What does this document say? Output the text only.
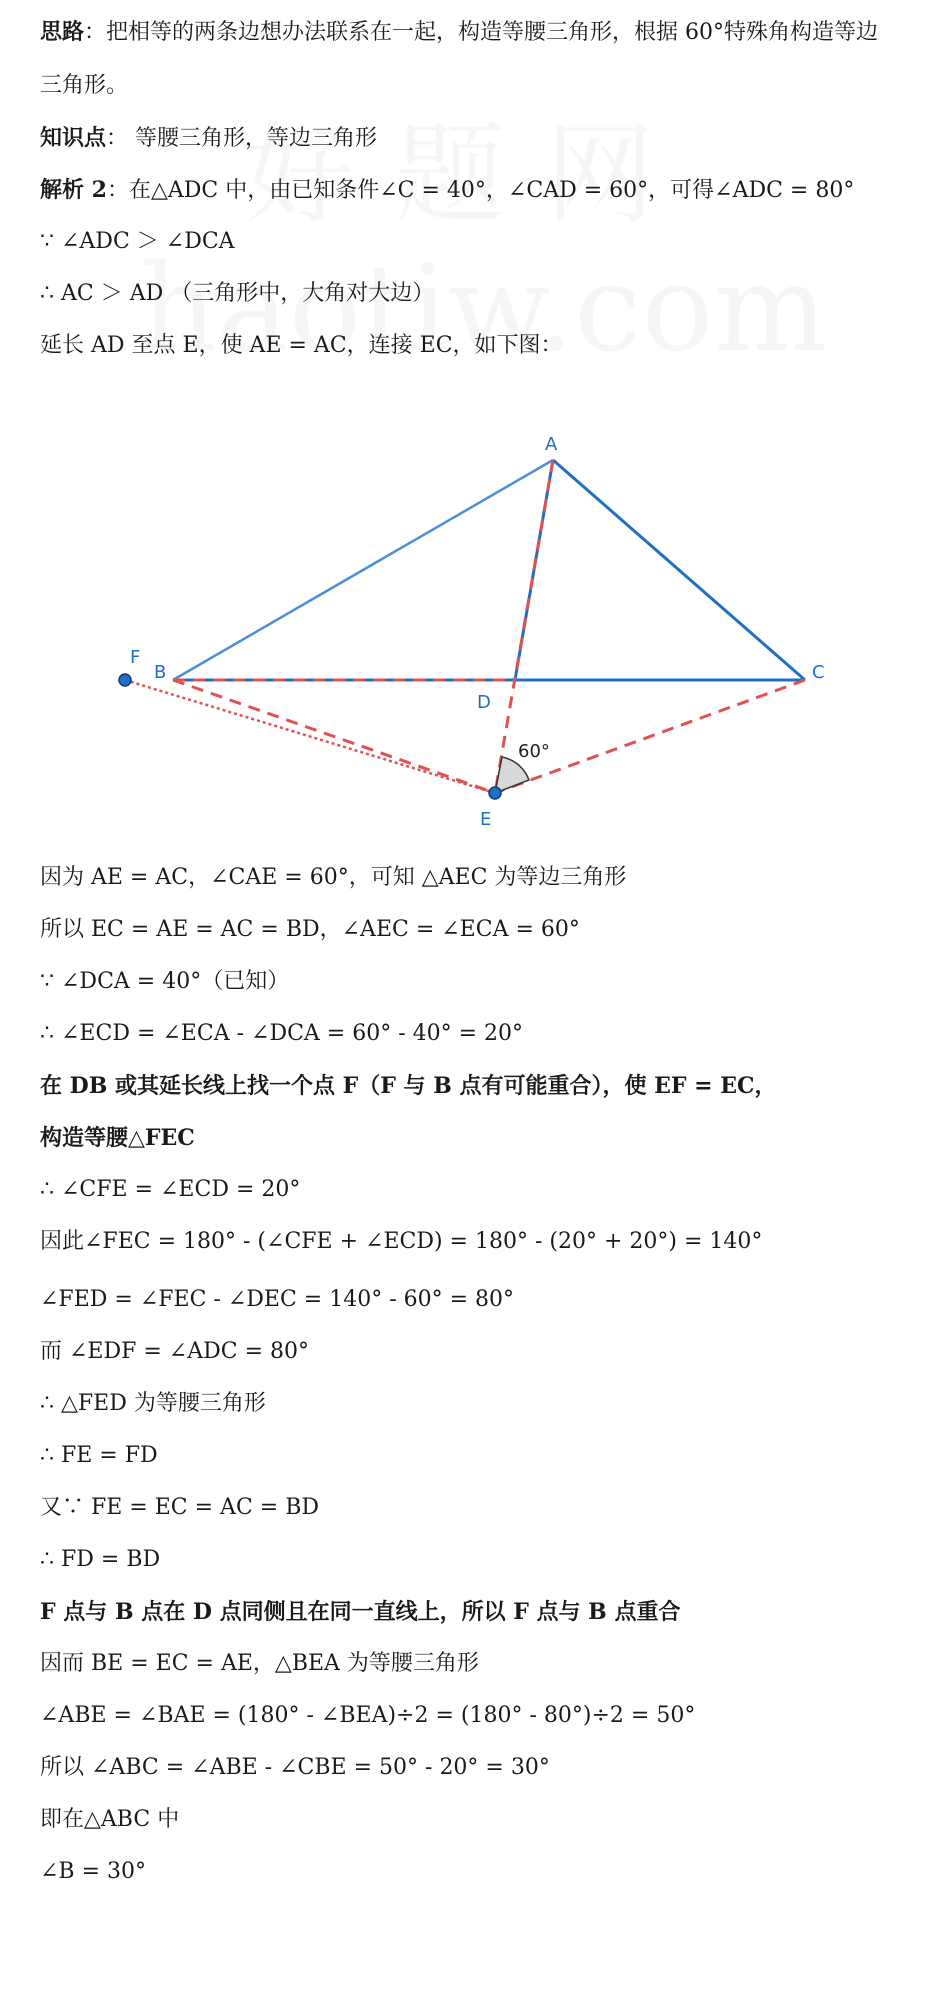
思路：把相等的两条边想办法联系在一起，构造等腰三角形，根据 60°特殊角构造等边
三角形。
知识点： 等腰三角形，等边三角形
解析 2：在△ADC 中，由已知条件∠C = 40°，∠CAD = 60°，可得∠ADC = 80°
∵ ∠ADC ＞ ∠DCA
∴ AC ＞ AD （三角形中，大角对大边）
延长 AD 至点 E，使 AE = AC，连接 EC，如下图：
A
B	C
D
E
F
60°
因为 AE = AC，∠CAE = 60°，可知 △AEC 为等边三角形
所以 EC = AE = AC = BD，∠AEC = ∠ECA = 60°
∵ ∠DCA = 40°（已知）
∴ ∠ECD = ∠ECA - ∠DCA = 60° - 40° = 20°
在 DB 或其延长线上找一个点 F（F 与 B 点有可能重合），使 EF = EC，
构造等腰△FEC
∴ ∠CFE = ∠ECD = 20°
因此∠FEC = 180° - (∠CFE + ∠ECD) = 180° - (20° + 20°) = 140°
∠FED = ∠FEC - ∠DEC = 140° - 60° = 80°
而 ∠EDF = ∠ADC = 80°
∴ △FED 为等腰三角形
∴ FE = FD
又∵ FE = EC = AC = BD
∴ FD = BD
F 点与 B 点在 D 点同侧且在同一直线上，所以 F 点与 B 点重合
因而 BE = EC = AE，△BEA 为等腰三角形
∠ABE = ∠BAE = (180° - ∠BEA)÷2 = (180° - 80°)÷2 = 50°
所以 ∠ABC = ∠ABE - ∠CBE = 50° - 20° = 30°
即在△ABC 中
∠B = 30°
